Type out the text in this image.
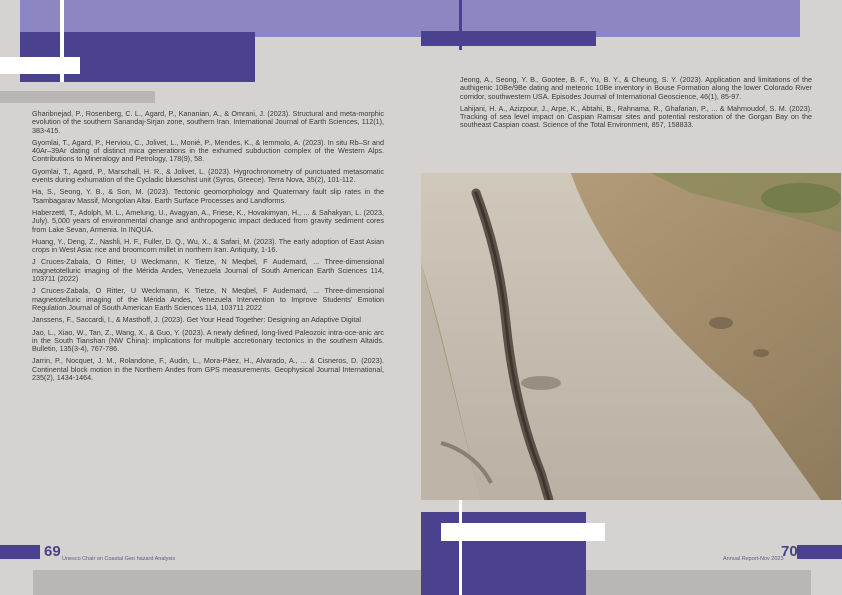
Gharibnejad, P., Rosenberg, C. L., Agard, P., Kananian, A., & Omrani, J. (2023). Structural and meta-morphic evolution of the southern Sanandaj-Sirjan zone, southern Iran. International Journal of Earth Sciences, 112(1), 383-415.

Gyomlai, T., Agard, P., Herviou, C., Jolivet, L., Monié, P., Mendes, K., & Iemmolo, A. (2023). In situ Rb–Sr and 40Ar–39Ar dating of distinct mica generations in the exhumed subduction complex of the Western Alps. Contributions to Mineralogy and Petrology, 178(9), 58.

Gyomlai, T., Agard, P., Marschall, H. R., & Jolivet, L. (2023). Hygrochronometry of punctuated metasomatic events during exhumation of the Cycladic blueschist unit (Syros, Greece). Terra Nova, 35(2), 101-112.

Ha, S., Seong, Y. B., & Son, M. (2023). Tectonic geomorphology and Quaternary fault slip rates in the Tsambagarav Massif, Mongolian Altai. Earth Surface Processes and Landforms.

Haberzettl, T., Adolph, M. L., Amelung, U., Avagyan, A., Friese, K., Hovakimyan, H., ... & Sahakyan, L. (2023, July). 5,000 years of environmental change and anthropogenic impact deduced from gravity sediment cores from Lake Sevan, Armenia. In INQUA.

Huang, Y., Deng, Z., Nashli, H. F., Fuller, D. Q., Wu, X., & Safari, M. (2023). The early adoption of East Asian crops in West Asia: rice and broomcorn millet in northern Iran. Antiquity, 1-16.

J Cruces-Zabala, O Ritter, U Weckmann, K Tietze, N Meqbel, F Audemard, ... Three-dimensional magnetotelluric imaging of the Mérida Andes, Venezuela Journal of South American Earth Sciences 114, 103711 (2022)

J Cruces-Zabala, O Ritter, U Weckmann, K Tietze, N Meqbel, F Audemard, ... Three-dimensional magnetotelluric imaging of the Mérida Andes, Venezuela Intervention to Improve Students' Emotion Regulation.Journal of South American Earth Sciences 114, 103711 2022

Janssens, F., Saccardi, I., & Masthoff, J. (2023). Get Your Head Together: Designing an Adaptive Digital

Jao, L., Xiao, W., Tan, Z., Wang, X., & Guo, Y. (2023). A newly defined, long-lived Paleozoic intra-oce-anic arc in the South Tianshan (NW China): implications for multiple accretionary tectonics in the southern Altaids. Bulletin, 135(3-4), 767-786.

Jarrin, P., Nocquet, J. M., Rolandone, F., Audin, L., Mora-Páez, H., Alvarado, A., ... & Cisneros, D. (2023). Continental block motion in the Northern Andes from GPS measurements. Geophysical Journal International, 235(2), 1434-1464.

Jeong, A., Seong, Y. B., Gootee, B. F., Yu, B. Y., & Cheung, S. Y. (2023). Application and limitations of the authigenic 10Be/9Be dating and meteoric 10Be inventory in Bouse Formation along the lower Colorado River corridor, southwestern USA. Episodes Journal of International Geoscience, 46(1), 85-97.

Lahijani, H. A., Azizpour, J., Arpe, K., Abtahi, B., Rahnama, R., Ghafarian, P., ... & Mahmoudof, S. M. (2023). Tracking of sea level impact on Caspian Ramsar sites and potential restoration of the Gorgan Bay on the southeast Caspian coast. Science of the Total Environment, 857, 158833.

69 Unesco Chair on Coastal Geo hazard Analysis	Annual Report-Nov 2023
70
